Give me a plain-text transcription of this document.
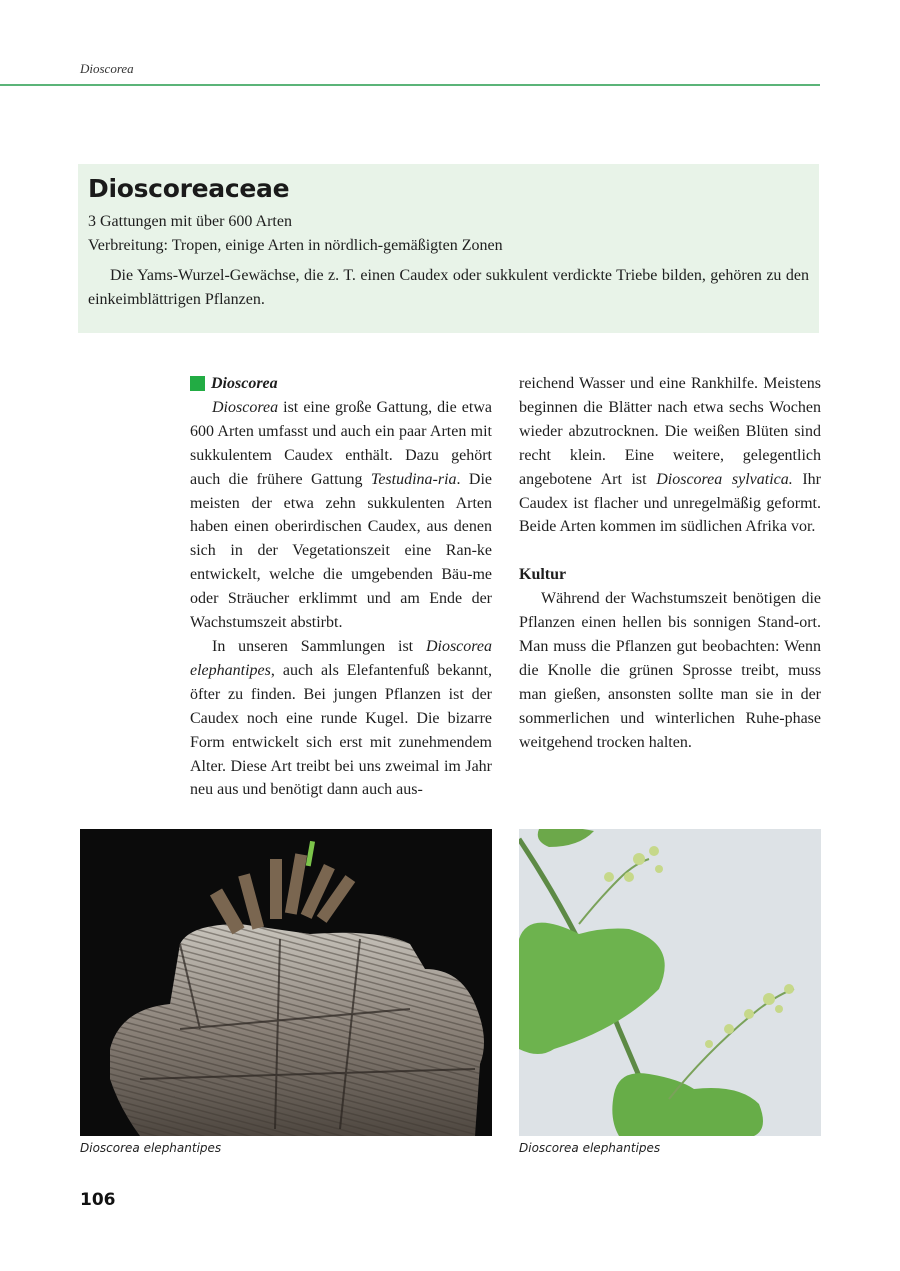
Dioscorea
Dioscoreaceae

3 Gattungen mit über 600 Arten

Verbreitung: Tropen, einige Arten in nördlich-gemäßigten Zonen

Die Yams-Wurzel-Gewächse, die z. T. einen Caudex oder sukkulent verdickte Triebe bilden, gehören zu den einkeimblättrigen Pflanzen.

Dioscorea

Dioscorea ist eine große Gattung, die etwa 600 Arten umfasst und auch ein paar Arten mit sukkulentem Caudex enthält. Dazu gehört auch die frühere Gattung Testudina-ria. Die meisten der etwa zehn sukkulenten Arten haben einen oberirdischen Caudex, aus denen sich in der Vegetationszeit eine Ran-ke entwickelt, welche die umgebenden Bäu-me oder Sträucher erklimmt und am Ende der Wachstumszeit abstirbt.

In unseren Sammlungen ist Dioscorea elephantipes, auch als Elefantenfuß bekannt, öfter zu finden. Bei jungen Pflanzen ist der Caudex noch eine runde Kugel. Die bizarre Form entwickelt sich erst mit zunehmendem Alter. Diese Art treibt bei uns zweimal im Jahr neu aus und benötigt dann auch aus-

reichend Wasser und eine Rankhilfe. Meistens beginnen die Blätter nach etwa sechs Wochen wieder abzutrocknen. Die weißen Blüten sind recht klein. Eine weitere, gelegentlich angebotene Art ist Dioscorea sylvatica. Ihr Caudex ist flacher und unregelmäßig geformt. Beide Arten kommen im südlichen Afrika vor.

Kultur

Während der Wachstumszeit benötigen die Pflanzen einen hellen bis sonnigen Stand-ort. Man muss die Pflanzen gut beobachten: Wenn die Knolle die grünen Sprosse treibt, muss man gießen, ansonsten sollte man sie in der sommerlichen und winterlichen Ruhe-phase weitgehend trocken halten.

Dioscorea elephantipes	Dioscorea elephantipes
106
